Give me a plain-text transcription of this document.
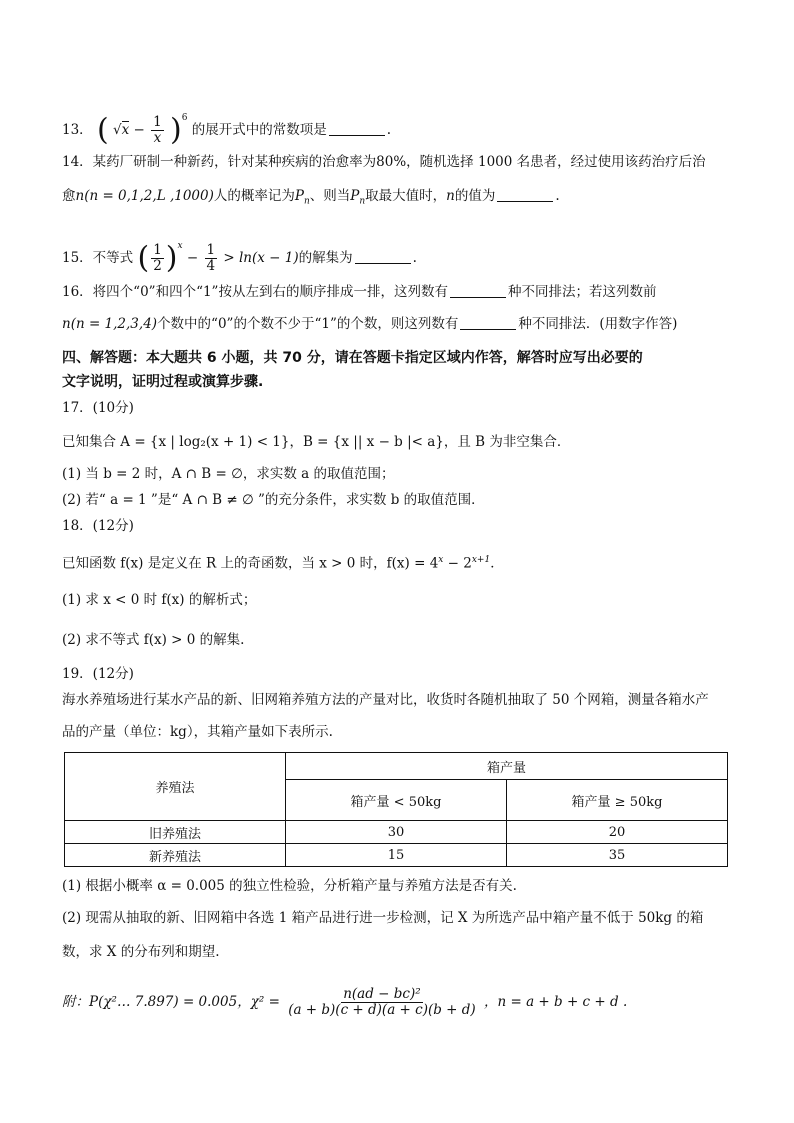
13． ( $√x - \frac{1}{x} )^6$ 的展开式中的常数项是	.
14．某药厂研制一种新药，针对某种疾病的治愈率为80%，随机选择 1000 名患者，经过使用该药治疗后治
愈n(n = 0,1,2,L ,1000)人的概率记为$P_n$、则当$P_n$取最大值时，n的值为	.
15．不等式 ( $\frac{1}{2} )^x - \frac{1}{4} > \ln(x - 1)$的解集为	.
16．将四个“0”和四个“1”按从左到右的顺序排成一排，这列数有	种不同排法；若这列数前
n(n = 1,2,3,4)个数中的“0”的个数不少于“1”的个数，则这列数有	种不同排法．(用数字作答)
四、解答题：本大题共 6 小题，共 70 分，请在答题卡指定区域内作答，解答时应写出必要的
文字说明，证明过程或演算步骤.
17．(10分)
已知集合 A = {x | log₂(x + 1) < 1}，B = {x || x − b |< a}，且 B 为非空集合．
(1) 当 b = 2 时，A ∩ B = ∅，求实数 a 的取值范围；
(2) 若“ a = 1 ”是“ A ∩ B ≠ ∅ ”的充分条件，求实数 b 的取值范围．
18．(12分)
已知函数 f(x) 是定义在 R 上的奇函数，当 x > 0 时，$f(x) = 4^x - 2^{x+1}$．
(1) 求 x < 0 时 f(x) 的解析式；
(2) 求不等式 f(x) > 0 的解集.
19．(12分)
海水养殖场进行某水产品的新、旧网箱养殖方法的产量对比，收货时各随机抽取了 50 个网箱，测量各箱水产
品的产量（单位：kg），其箱产量如下表所示.
养殖法	箱产量	
	箱产量 < 50kg	箱产量 ≥ 50kg
旧养殖法	30	20
新养殖法	15	35
(1) 根据小概率 α = 0.005 的独立性检验，分析箱产量与养殖方法是否有关.
(2) 现需从抽取的新、旧网箱中各选 1 箱产品进行进一步检测，记 X 为所选产品中箱产量不低于 50kg 的箱
数，求 X 的分布列和期望.
附：P(χ²… 7.897) = 0.005，$\chi^2 = \frac{\text{n(ad − bc)²}}{(a + b)(c + d)(a + c)(b + d)}$ ，n = a + b + c + d .
